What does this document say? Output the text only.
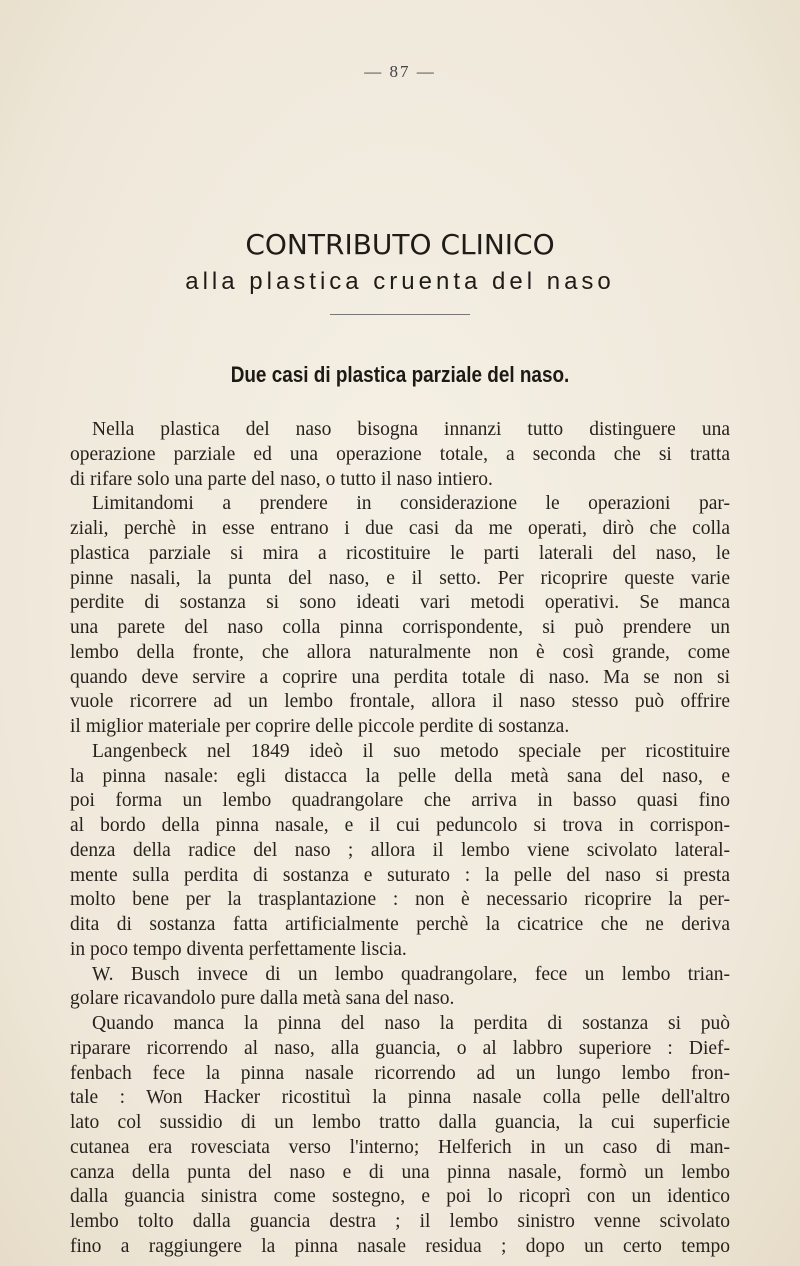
— 87 —
CONTRIBUTO CLINICO
alla plastica cruenta del naso
Due casi di plastica parziale del naso.
Nella plastica del naso bisogna innanzi tutto distinguere una
operazione parziale ed una operazione totale, a seconda che si tratta
di rifare solo una parte del naso, o tutto il naso intiero.
Limitandomi a prendere in considerazione le operazioni par-
ziali, perchè in esse entrano i due casi da me operati, dirò che colla
plastica parziale si mira a ricostituire le parti laterali del naso, le
pinne nasali, la punta del naso, e il setto. Per ricoprire queste varie
perdite di sostanza si sono ideati vari metodi operativi. Se manca
una parete del naso colla pinna corrispondente, si può prendere un
lembo della fronte, che allora naturalmente non è così grande, come
quando deve servire a coprire una perdita totale di naso. Ma se non si
vuole ricorrere ad un lembo frontale, allora il naso stesso può offrire
il miglior materiale per coprire delle piccole perdite di sostanza.
Langenbeck nel 1849 ideò il suo metodo speciale per ricostituire
la pinna nasale: egli distacca la pelle della metà sana del naso, e
poi forma un lembo quadrangolare che arriva in basso quasi fino
al bordo della pinna nasale, e il cui peduncolo si trova in corrispon-
denza della radice del naso ; allora il lembo viene scivolato lateral-
mente sulla perdita di sostanza e suturato : la pelle del naso si presta
molto bene per la trasplantazione : non è necessario ricoprire la per-
dita di sostanza fatta artificialmente perchè la cicatrice che ne deriva
in poco tempo diventa perfettamente liscia.
W. Busch invece di un lembo quadrangolare, fece un lembo trian-
golare ricavandolo pure dalla metà sana del naso.
Quando manca la pinna del naso la perdita di sostanza si può
riparare ricorrendo al naso, alla guancia, o al labbro superiore : Dief-
fenbach fece la pinna nasale ricorrendo ad un lungo lembo fron-
tale : Won Hacker ricostituì la pinna nasale colla pelle dell'altro
lato col sussidio di un lembo tratto dalla guancia, la cui superficie
cutanea era rovesciata verso l'interno; Helferich in un caso di man-
canza della punta del naso e di una pinna nasale, formò un lembo
dalla guancia sinistra come sostegno, e poi lo ricoprì con un identico
lembo tolto dalla guancia destra ; il lembo sinistro venne scivolato
fino a raggiungere la pinna nasale residua ; dopo un certo tempo
